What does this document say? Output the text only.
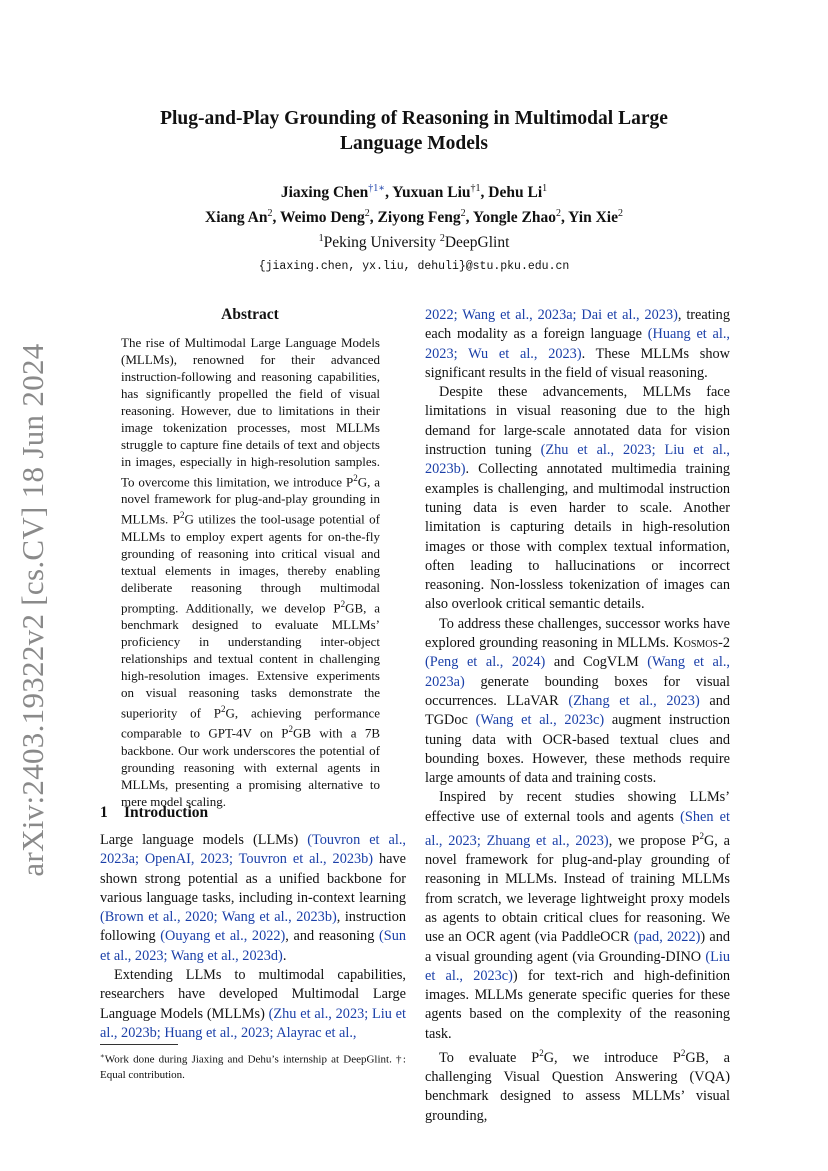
arXiv:2403.19322v2 [cs.CV] 18 Jun 2024
Plug-and-Play Grounding of Reasoning in Multimodal Large
Language Models
Jiaxing Chen$^{\dagger 1∗}$, Yuxuan Liu$^{\dagger 1}$, Dehu Li$^1$
Xiang An$^2$, Weimo Deng$^2$, Ziyong Feng$^2$, Yongle Zhao$^2$, Yin Xie$^2$
$^1$Peking University $^2$DeepGlint
{jiaxing.chen, yx.liu, dehuli}@stu.pku.edu.cn
Abstract
The rise of Multimodal Large Language Models (MLLMs), renowned for their advanced instruction-following and reasoning capabilities, has significantly propelled the field of visual reasoning. However, due to limitations in their image tokenization processes, most MLLMs struggle to capture fine details of text and objects in images, especially in high-resolution samples. To overcome this limitation, we introduce $P^2G$, a novel framework for plug-and-play grounding in MLLMs. $P^2G$ utilizes the tool-usage potential of MLLMs to employ expert agents for on-the-fly grounding of reasoning into critical visual and textual elements in images, thereby enabling deliberate reasoning through multimodal prompting. Additionally, we develop $P^2GB$, a benchmark designed to evaluate MLLMs’ proficiency in understanding inter-object relationships and textual content in challenging high-resolution images. Extensive experiments on visual reasoning tasks demonstrate the superiority of $P^2G$, achieving performance comparable to GPT-4V on $P^2GB$ with a 7B backbone. Our work underscores the potential of grounding reasoning with external agents in MLLMs, presenting a promising alternative to mere model scaling.
1 Introduction

Large language models (LLMs) (Touvron et al., 2023a; OpenAI, 2023; Touvron et al., 2023b) have shown strong potential as a unified backbone for various language tasks, including in-context learning (Brown et al., 2020; Wang et al., 2023b), instruction following (Ouyang et al., 2022), and reasoning (Sun et al., 2023; Wang et al., 2023d).

Extending LLMs to multimodal capabilities, researchers have developed Multimodal Large Language Models (MLLMs) (Zhu et al., 2023; Liu et al., 2023b; Huang et al., 2023; Alayrac et al.,

∗Work done during Jiaxing and Dehu’s internship at DeepGlint. †: Equal contribution.

2022; Wang et al., 2023a; Dai et al., 2023), treating each modality as a foreign language (Huang et al., 2023; Wu et al., 2023). These MLLMs show significant results in the field of visual reasoning.

Despite these advancements, MLLMs face limitations in visual reasoning due to the high demand for large-scale annotated data for vision instruction tuning (Zhu et al., 2023; Liu et al., 2023b). Collecting annotated multimedia training examples is challenging, and multimodal instruction tuning data is even harder to scale. Another limitation is capturing details in high-resolution images or those with complex textual information, often leading to hallucinations or incorrect reasoning. Non-lossless tokenization of images can also overlook critical semantic details.

To address these challenges, successor works have explored grounding reasoning in MLLMs. Kosmos-2 (Peng et al., 2024) and CogVLM (Wang et al., 2023a) generate bounding boxes for visual occurrences. LLaVAR (Zhang et al., 2023) and TGDoc (Wang et al., 2023c) augment instruction tuning data with OCR-based textual clues and bounding boxes. However, these methods require large amounts of data and training costs.

Inspired by recent studies showing LLMs’ effective use of external tools and agents (Shen et al., 2023; Zhuang et al., 2023), we propose $P^2G$, a novel framework for plug-and-play grounding of reasoning in MLLMs. Instead of training MLLMs from scratch, we leverage lightweight proxy models as agents to obtain critical clues for reasoning. We use an OCR agent (via PaddleOCR (pad, 2022)) and a visual grounding agent (via Grounding-DINO (Liu et al., 2023c)) for text-rich and high-definition images. MLLMs generate specific queries for these agents based on the complexity of the reasoning task.

To evaluate $P^2G$, we introduce $P^2GB$, a challenging Visual Question Answering (VQA) benchmark designed to assess MLLMs’ visual grounding,
